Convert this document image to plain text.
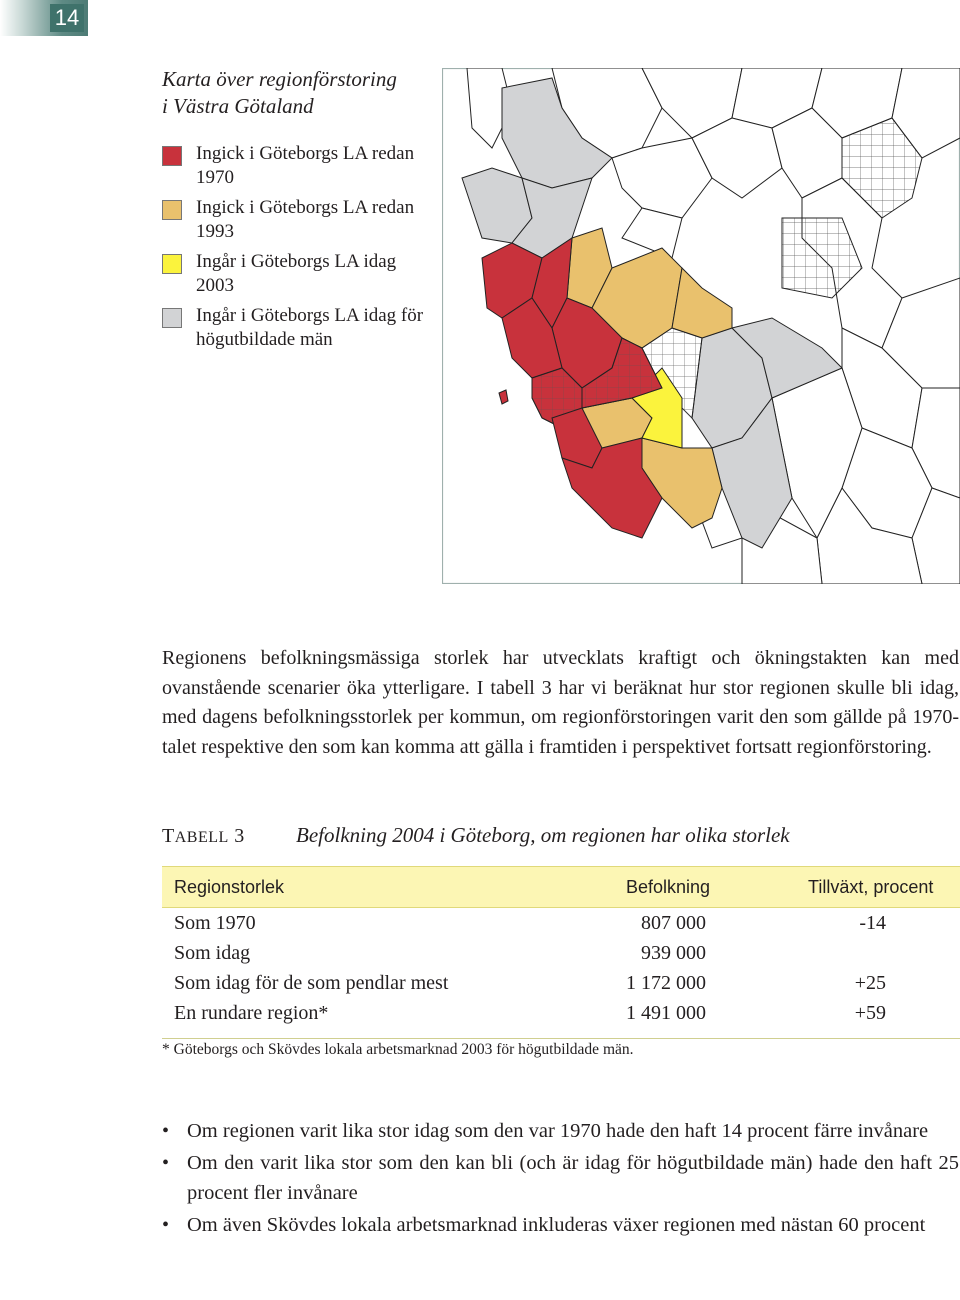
14
Karta över regionförstoring
i Västra Götaland
Ingick i Göteborgs LA redan 1970
Ingick i Göteborgs LA redan 1993
Ingår i Göteborgs LA idag 2003
Ingår i Göteborgs LA idag för högutbildade män
Regionens befolkningsmässiga storlek har utvecklats kraftigt och ökningstakten kan med ovanstående scenarier öka ytterligare. I tabell 3 har vi beräknat hur stor regionen skulle bli idag, med dagens befolkningsstorlek per kommun, om regionförstoringen varit den som gällde på 1970-talet respektive den som kan komma att gälla i framtiden i perspektivet fortsatt regionförstoring.
TABELL 3 Befolkning 2004 i Göteborg, om regionen har olika storlek
Regionstorlek	Befolkning	Tillväxt, procent
Som 1970	807 000	-14
Som idag	939 000
Som idag för de som pendlar mest	1 172 000	+25
En rundare region*	1 491 000	+59
* Göteborgs och Skövdes lokala arbetsmarknad 2003 för högutbildade män.
• Om regionen varit lika stor idag som den var 1970 hade den haft 14 procent färre invånare
• Om den varit lika stor som den kan bli (och är idag för högutbildade män) hade den haft 25 procent fler invånare
• Om även Skövdes lokala arbetsmarknad inkluderas växer regionen med nästan 60 procent
